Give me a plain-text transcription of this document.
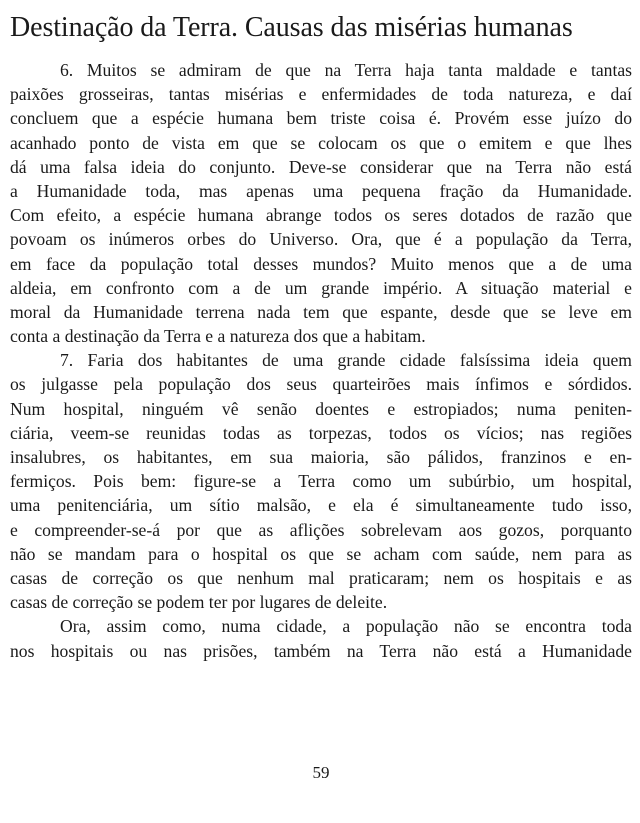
Destinação da Terra. Causas das misérias humanas
6. Muitos se admiram de que na Terra haja tanta maldade e tantas
paixões grosseiras, tantas misérias e enfermidades de toda natureza, e daí
concluem que a espécie humana bem triste coisa é. Provém esse juízo do
acanhado ponto de vista em que se colocam os que o emitem e que lhes
dá uma falsa ideia do conjunto. Deve-se considerar que na Terra não está
a Humanidade toda, mas apenas uma pequena fração da Humanidade.
Com efeito, a espécie humana abrange todos os seres dotados de razão que
povoam os inúmeros orbes do Universo. Ora, que é a população da Terra,
em face da população total desses mundos? Muito menos que a de uma
aldeia, em confronto com a de um grande império. A situação material e
moral da Humanidade terrena nada tem que espante, desde que se leve em
conta a destinação da Terra e a natureza dos que a habitam.
7. Faria dos habitantes de uma grande cidade falsíssima ideia quem
os julgasse pela população dos seus quarteirões mais ínfimos e sórdidos.
Num hospital, ninguém vê senão doentes e estropiados; numa peniten-
ciária, veem-se reunidas todas as torpezas, todos os vícios; nas regiões
insalubres, os habitantes, em sua maioria, são pálidos, franzinos e en-
fermiços. Pois bem: figure-se a Terra como um subúrbio, um hospital,
uma penitenciária, um sítio malsão, e ela é simultaneamente tudo isso,
e compreender-se-á por que as aflições sobrelevam aos gozos, porquanto
não se mandam para o hospital os que se acham com saúde, nem para as
casas de correção os que nenhum mal praticaram; nem os hospitais e as
casas de correção se podem ter por lugares de deleite.
Ora, assim como, numa cidade, a população não se encontra toda
nos hospitais ou nas prisões, também na Terra não está a Humanidade
59
